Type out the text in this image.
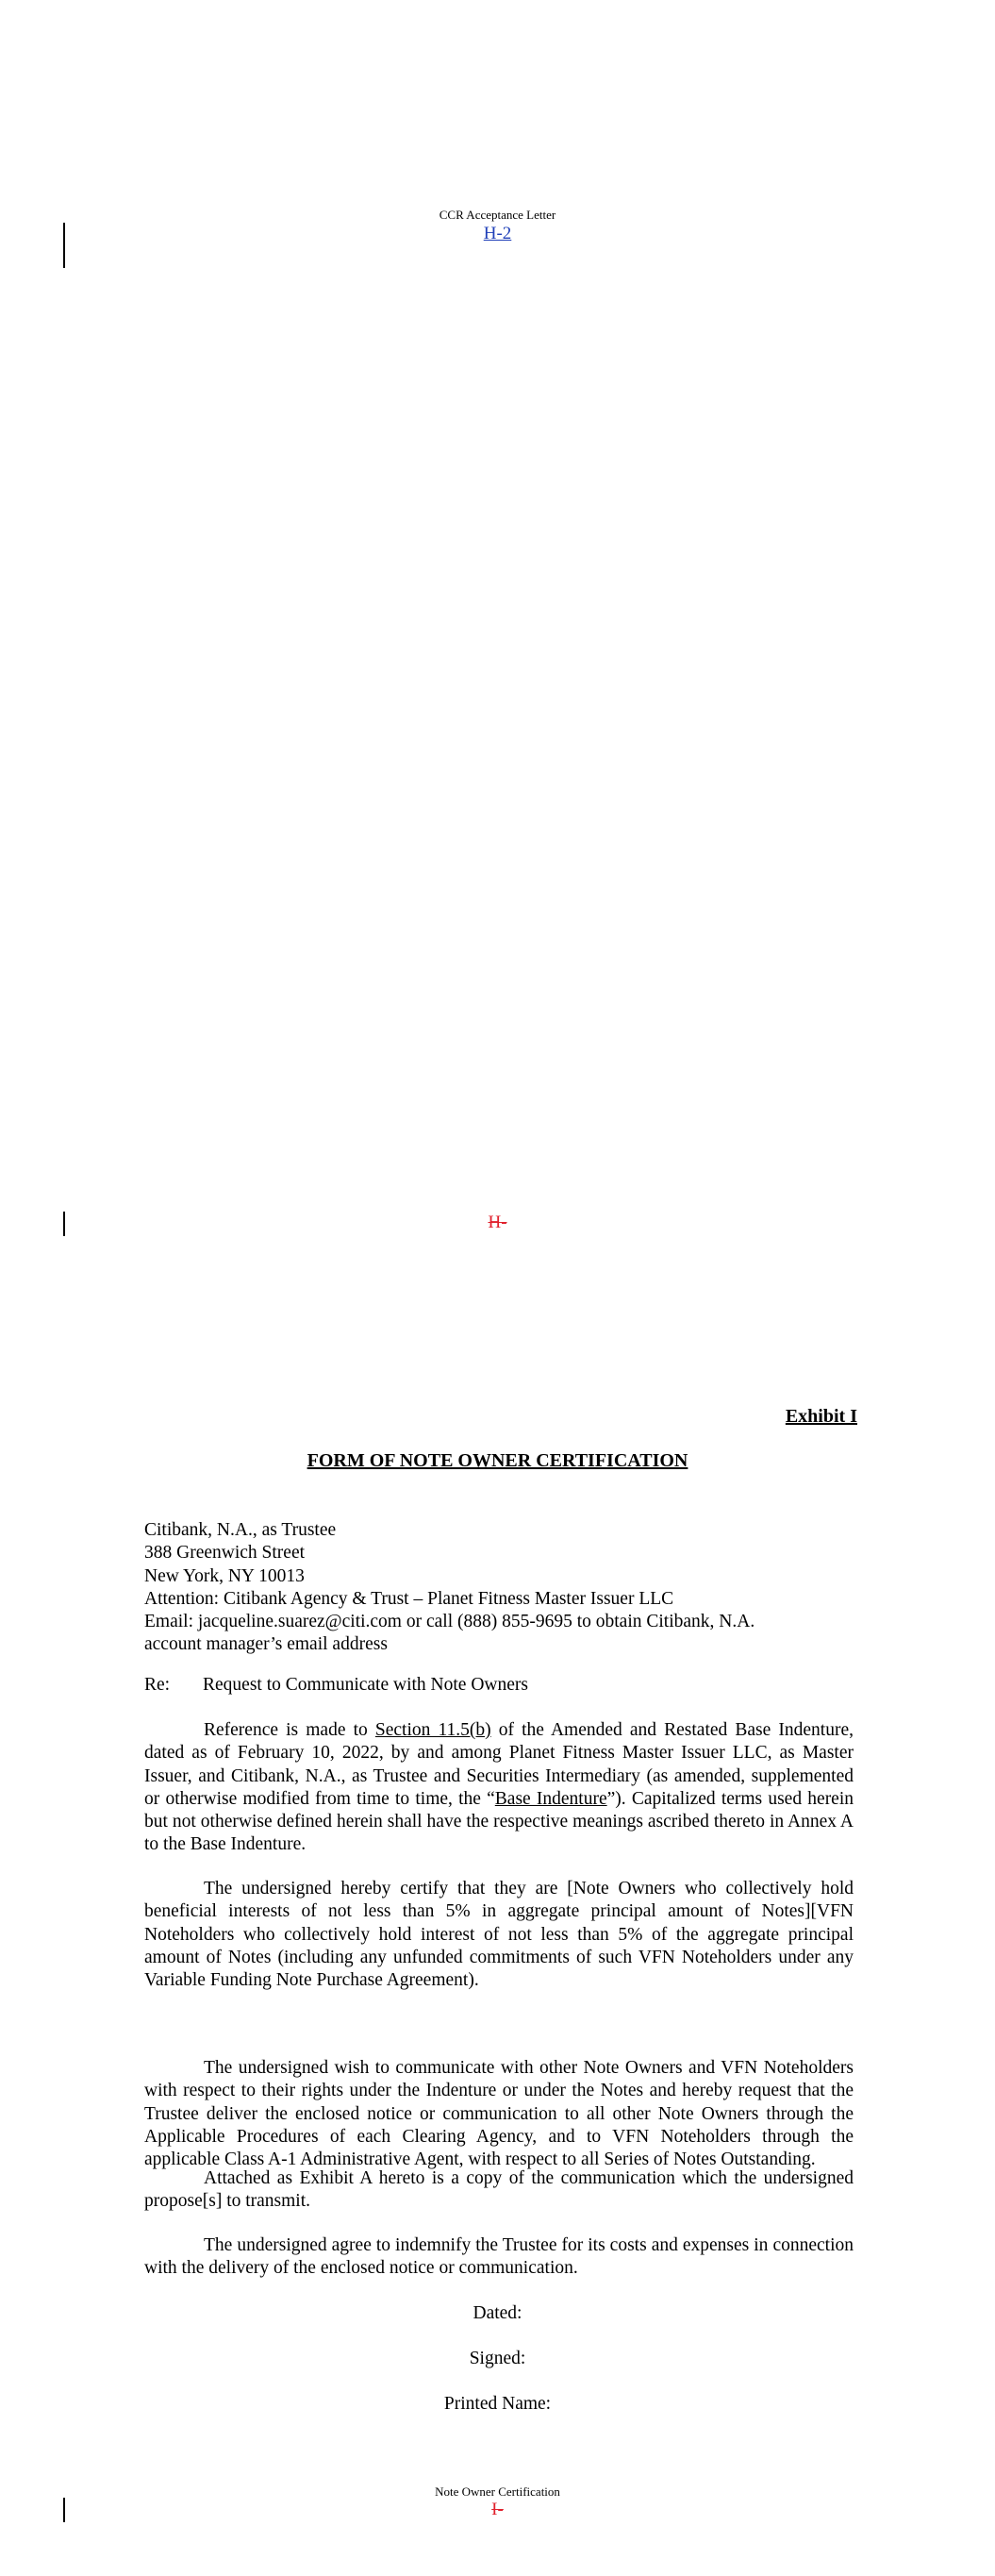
CCR Acceptance Letter
H-2
H-
Exhibit I
FORM OF NOTE OWNER CERTIFICATION
Citibank, N.A., as Trustee
388 Greenwich Street
New York, NY 10013
Attention: Citibank Agency & Trust – Planet Fitness Master Issuer LLC
Email: jacqueline.suarez@citi.com or call (888) 855-9695 to obtain Citibank, N.A.
account manager’s email address
Re: Request to Communicate with Note Owners

Reference is made to Section 11.5(b) of the Amended and Restated Base Indenture, dated as of February 10, 2022, by and among Planet Fitness Master Issuer LLC, as Master Issuer, and Citibank, N.A., as Trustee and Securities Intermediary (as amended, supplemented or otherwise modified from time to time, the “Base Indenture”). Capitalized terms used herein but not otherwise defined herein shall have the respective meanings ascribed thereto in Annex A to the Base Indenture.

The undersigned hereby certify that they are [Note Owners who collectively hold beneficial interests of not less than 5% in aggregate principal amount of Notes][VFN Noteholders who collectively hold interest of not less than 5% of the aggregate principal amount of Notes (including any unfunded commitments of such VFN Noteholders under any Variable Funding Note Purchase Agreement).

The undersigned wish to communicate with other Note Owners and VFN Noteholders with respect to their rights under the Indenture or under the Notes and hereby request that the Trustee deliver the enclosed notice or communication to all other Note Owners through the Applicable Procedures of each Clearing Agency, and to VFN Noteholders through the applicable Class A-1 Administrative Agent, with respect to all Series of Notes Outstanding.

Attached as Exhibit A hereto is a copy of the communication which the undersigned propose[s] to transmit.

The undersigned agree to indemnify the Trustee for its costs and expenses in connection with the delivery of the enclosed notice or communication.

Dated:
Signed:
Printed Name:
Note Owner Certification
I-
